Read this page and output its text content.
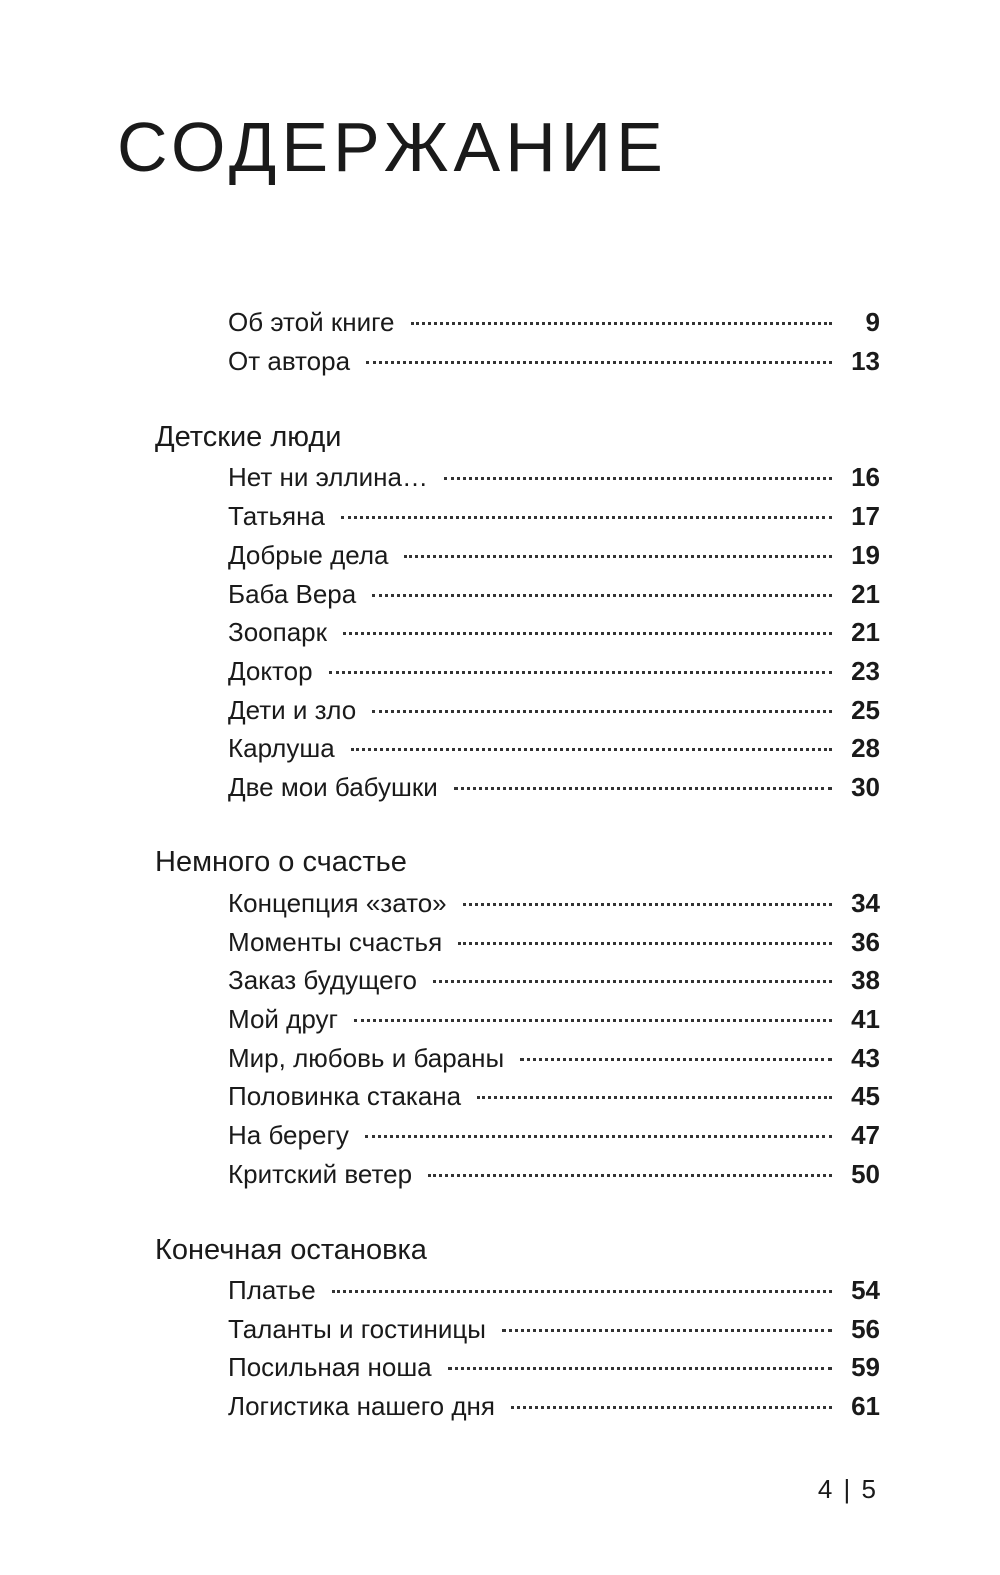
СОДЕРЖАНИЕ
Об этой книге	9
От автора	13
Детские люди
Нет ни эллина…	16
Татьяна	17
Добрые дела	19
Баба Вера	21
Зоопарк	21
Доктор	23
Дети и зло	25
Карлуша	28
Две мои бабушки	30
Немного о счастье
Концепция «зато»	34
Моменты счастья	36
Заказ будущего	38
Мой друг	41
Мир, любовь и бараны	43
Половинка стакана	45
На берегу	47
Критский ветер	50
Конечная остановка
Платье	54
Таланты и гостиницы	56
Посильная ноша	59
Логистика нашего дня	61
4 | 5
